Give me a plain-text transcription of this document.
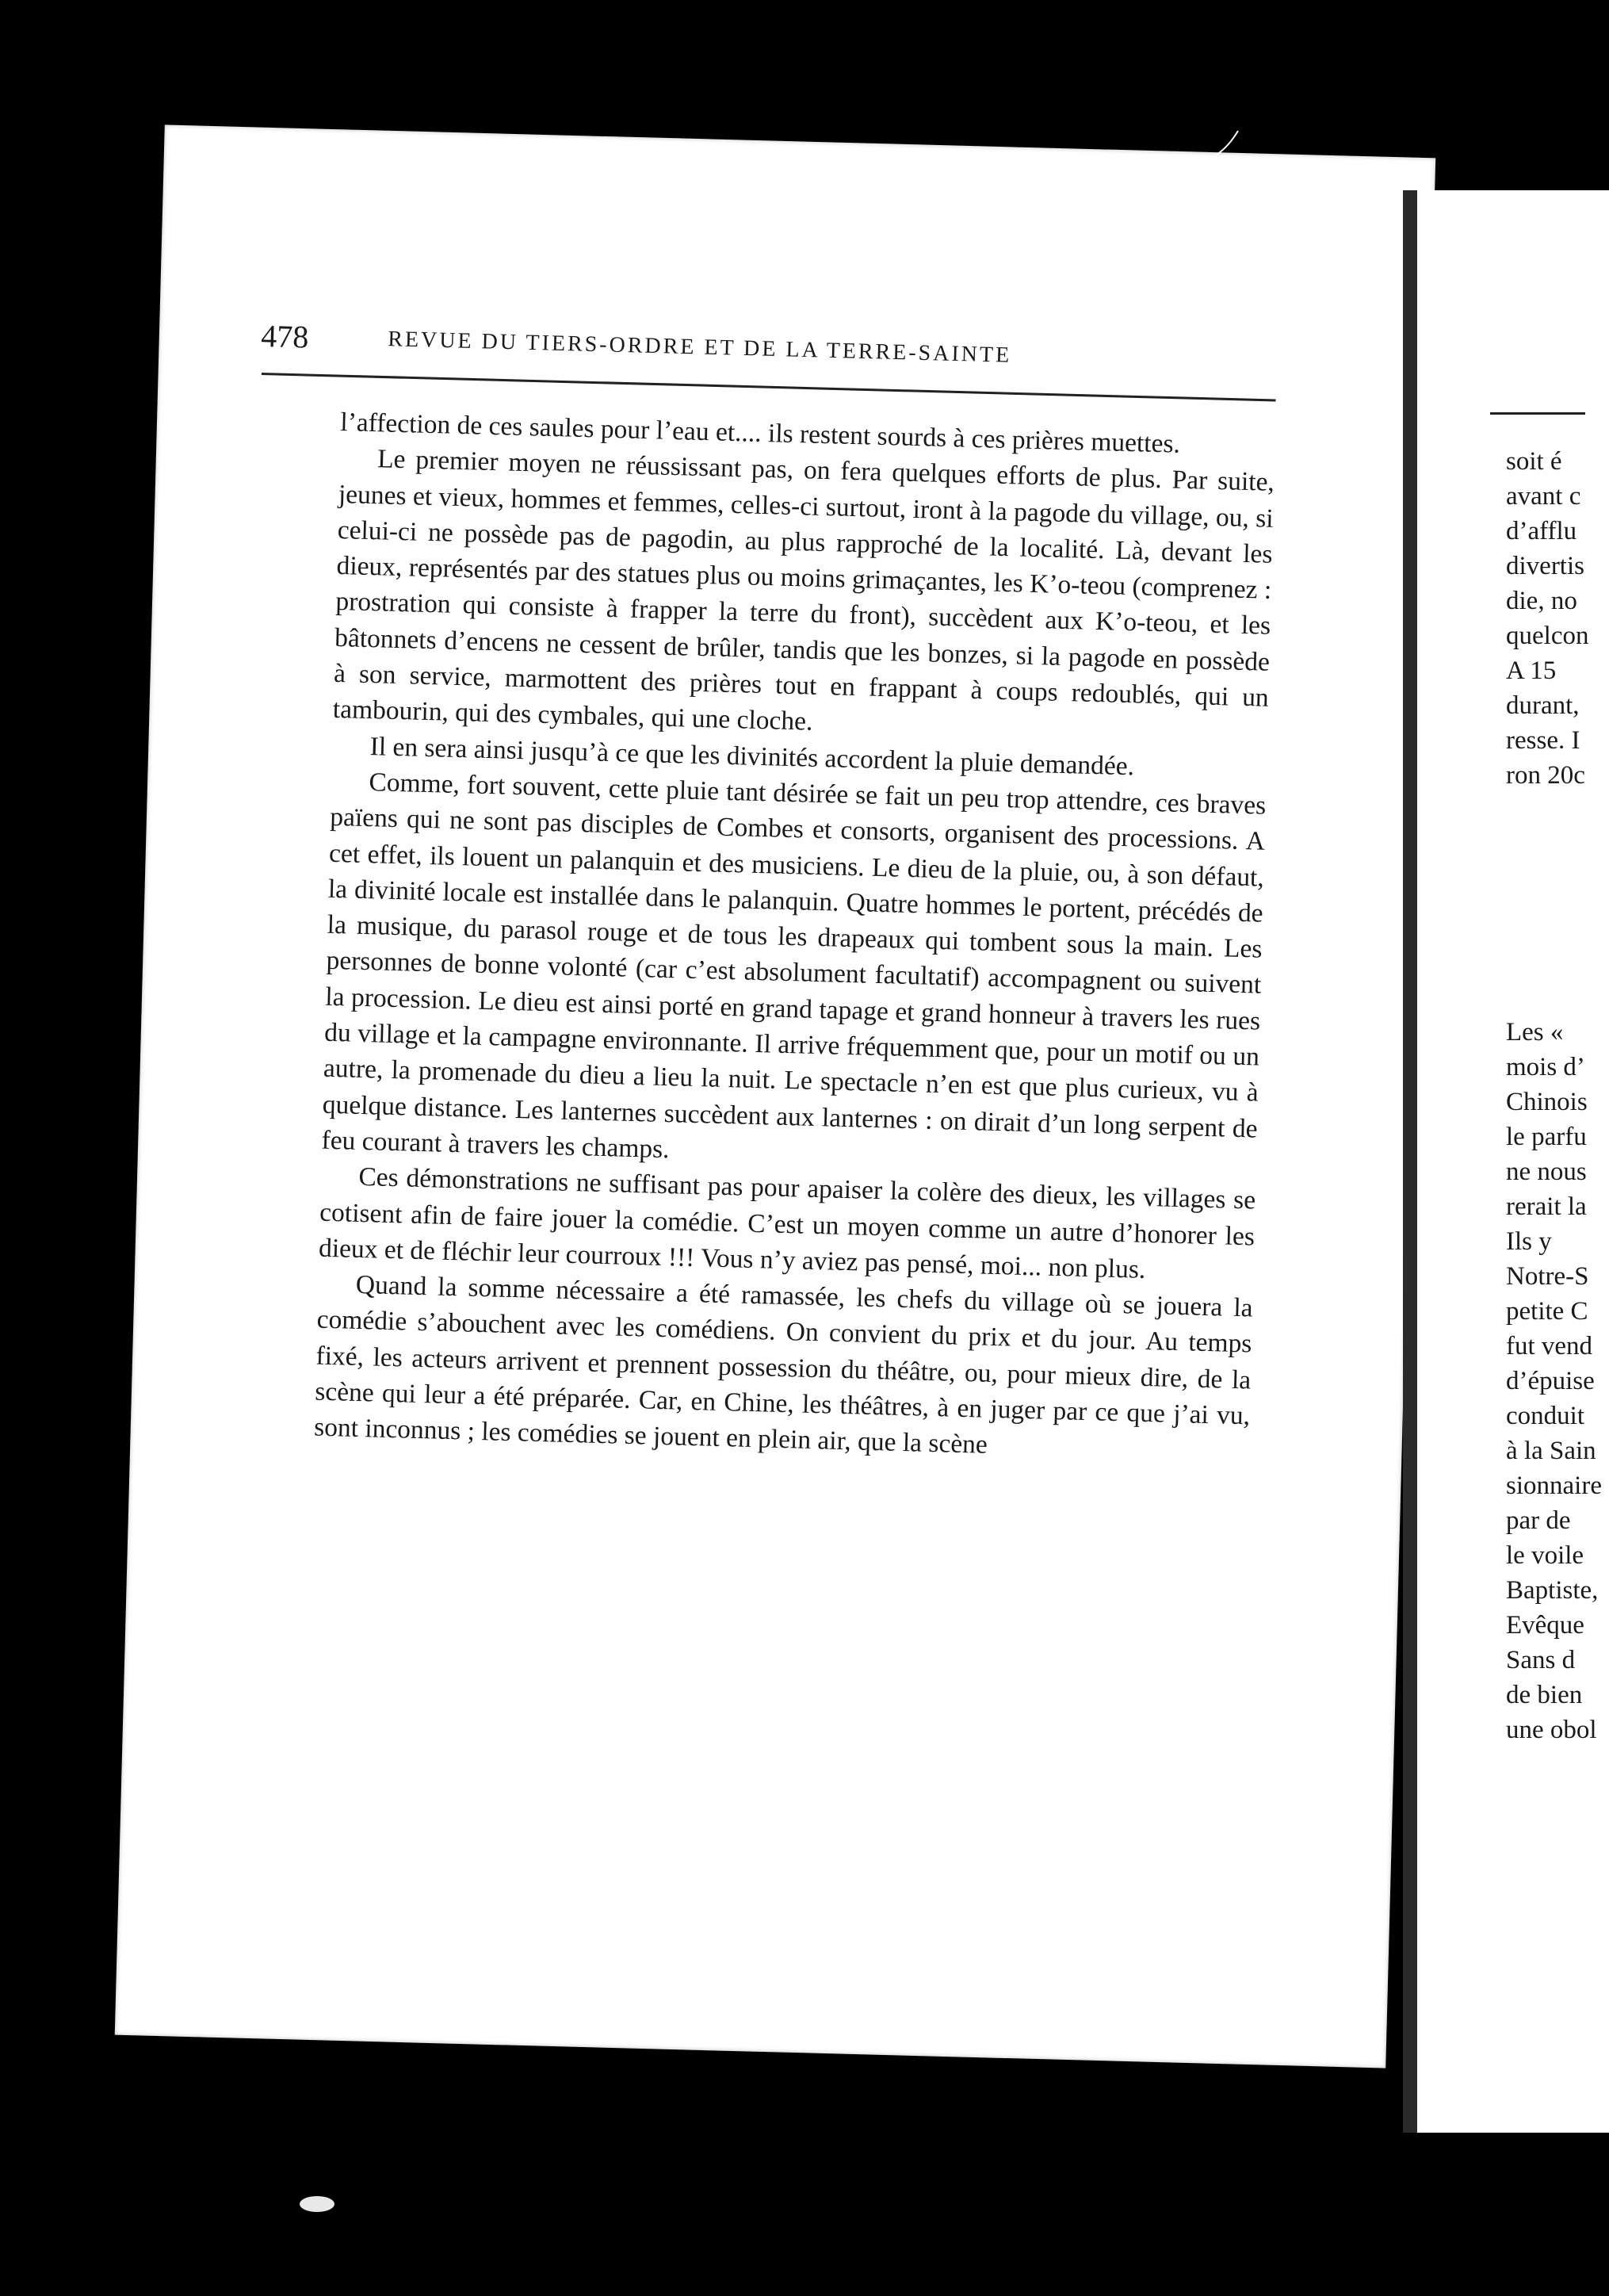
478	REVUE DU TIERS-ORDRE ET DE LA TERRE-SAINTE

l’affection de ces saules pour l’eau et.... ils restent sourds à ces prières muettes.

Le premier moyen ne réussissant pas, on fera quelques efforts de plus. Par suite, jeunes et vieux, hommes et femmes, celles-ci surtout, iront à la pagode du village, ou, si celui-ci ne possède pas de pagodin, au plus rapproché de la localité. Là, devant les dieux, représentés par des statues plus ou moins grimaçantes, les K’o-teou (comprenez : prostration qui consiste à frapper la terre du front), succèdent aux K’o-teou, et les bâtonnets d’encens ne cessent de brûler, tandis que les bonzes, si la pagode en possède à son service, marmottent des prières tout en frappant à coups redoublés, qui un tambourin, qui des cymbales, qui une cloche.

Il en sera ainsi jusqu’à ce que les divinités accordent la pluie demandée.

Comme, fort souvent, cette pluie tant désirée se fait un peu trop attendre, ces braves païens qui ne sont pas disciples de Combes et consorts, organisent des processions. A cet effet, ils louent un palanquin et des musiciens. Le dieu de la pluie, ou, à son défaut, la divinité locale est installée dans le palanquin. Quatre hommes le portent, précédés de la musique, du parasol rouge et de tous les drapeaux qui tombent sous la main. Les personnes de bonne volonté (car c’est absolument facultatif) accompagnent ou suivent la procession. Le dieu est ainsi porté en grand tapage et grand honneur à travers les rues du village et la campagne environnante. Il arrive fréquemment que, pour un motif ou un autre, la promenade du dieu a lieu la nuit. Le spectacle n’en est que plus curieux, vu à quelque distance. Les lanternes succèdent aux lanternes : on dirait d’un long serpent de feu courant à travers les champs.

Ces démonstrations ne suffisant pas pour apaiser la colère des dieux, les villages se cotisent afin de faire jouer la comédie. C’est un moyen comme un autre d’honorer les dieux et de fléchir leur courroux !!! Vous n’y aviez pas pensé, moi... non plus.

Quand la somme nécessaire a été ramassée, les chefs du village où se jouera la comédie s’abouchent avec les comédiens. On convient du prix et du jour. Au temps fixé, les acteurs arrivent et prennent possession du théâtre, ou, pour mieux dire, de la scène qui leur a été préparée. Car, en Chine, les théâtres, à en juger par ce que j’ai vu, sont inconnus ; les comédies se jouent en plein air, que la scène

soit é
avant c
d’afflu
divertis
die, no
quelcon
A 15
durant,
resse. I
ron 20c
Les «
mois d’
Chinois
le parfu
ne nous
rerait la
Ils y
Notre-S
petite C
fut vend
d’épuise
conduit
à la Sain
sionnaire
par de
le voile
Baptiste,
Evêque
Sans d
de bien
une obol
